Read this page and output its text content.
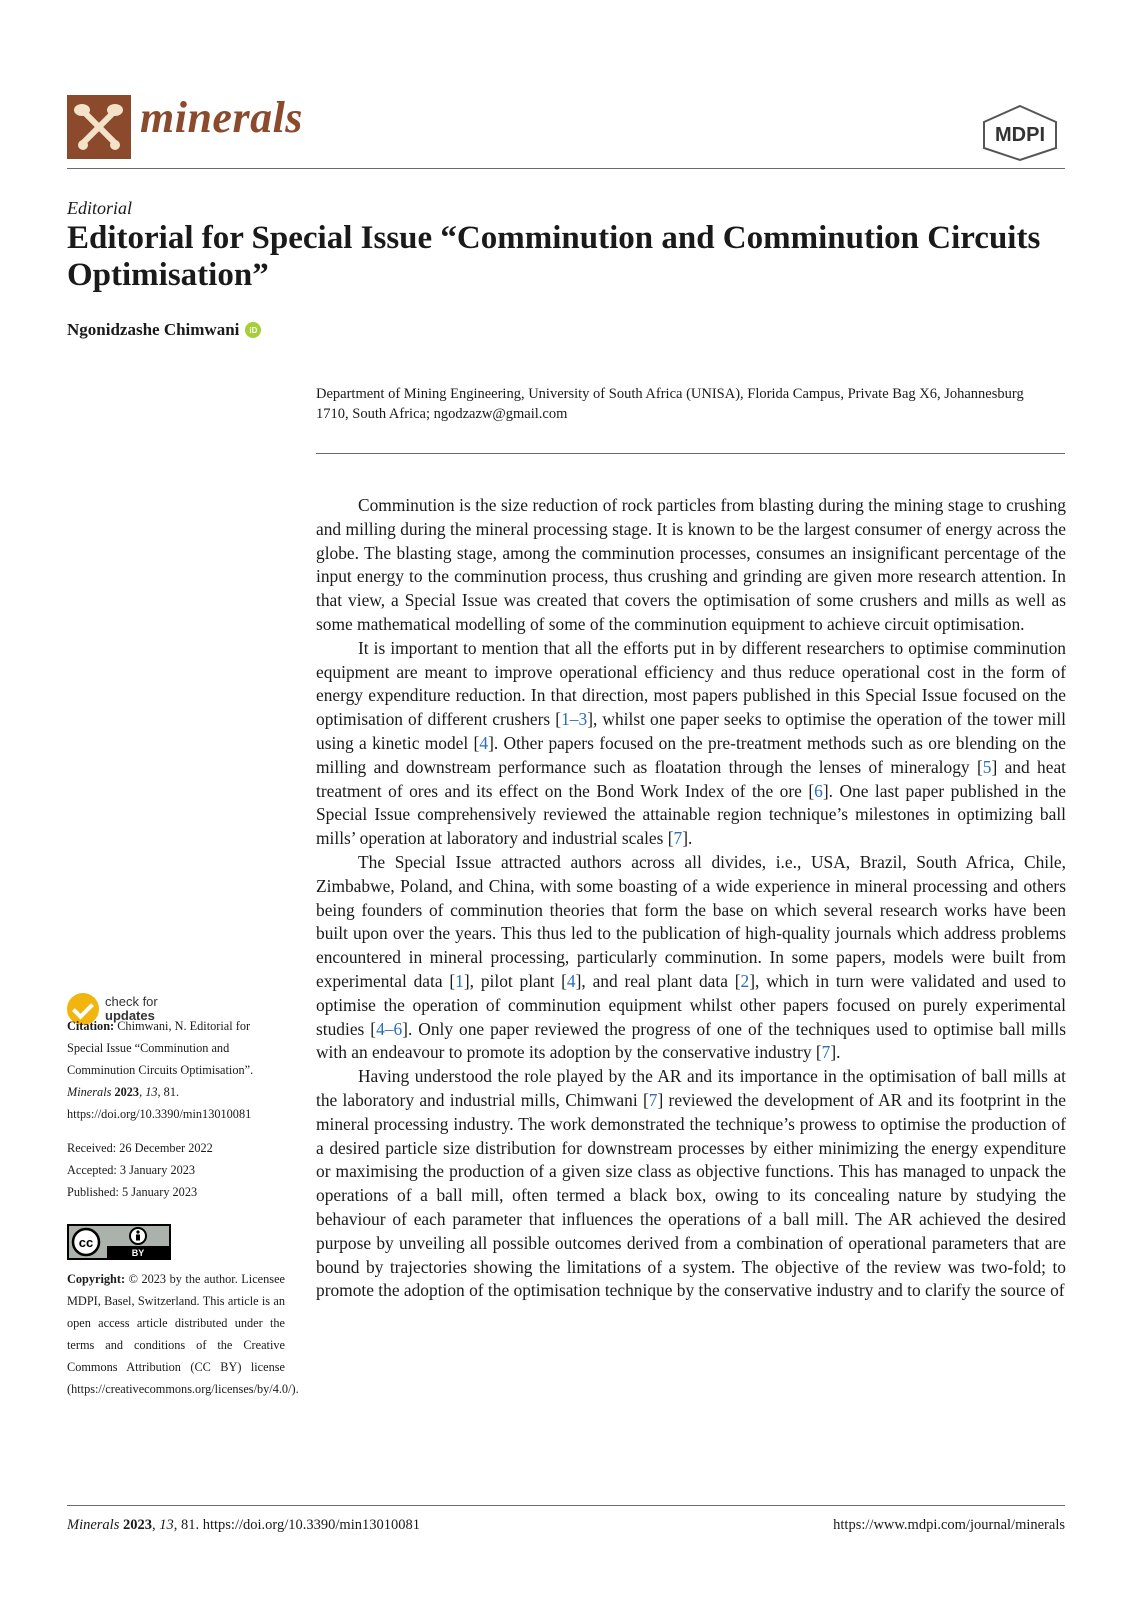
minerals	MDPI
Editorial
Editorial for Special Issue “Comminution and Comminution Circuits Optimisation”
Ngonidzashe Chimwani	iD
Department of Mining Engineering, University of South Africa (UNISA), Florida Campus, Private Bag X6, Johannesburg 1710, South Africa; ngodzazw@gmail.com

Comminution is the size reduction of rock particles from blasting during the mining stage to crushing and milling during the mineral processing stage. It is known to be the largest consumer of energy across the globe. The blasting stage, among the comminution processes, consumes an insignificant percentage of the input energy to the comminution process, thus crushing and grinding are given more research attention. In that view, a Special Issue was created that covers the optimisation of some crushers and mills as well as some mathematical modelling of some of the comminution equipment to achieve circuit optimisation.

It is important to mention that all the efforts put in by different researchers to optimise comminution equipment are meant to improve operational efficiency and thus reduce operational cost in the form of energy expenditure reduction. In that direction, most papers published in this Special Issue focused on the optimisation of different crushers [1–3], whilst one paper seeks to optimise the operation of the tower mill using a kinetic model [4]. Other papers focused on the pre-treatment methods such as ore blending on the milling and downstream performance such as floatation through the lenses of mineralogy [5] and heat treatment of ores and its effect on the Bond Work Index of the ore [6]. One last paper published in the Special Issue comprehensively reviewed the attainable region technique’s milestones in optimizing ball mills’ operation at laboratory and industrial scales [7].

The Special Issue attracted authors across all divides, i.e., USA, Brazil, South Africa, Chile, Zimbabwe, Poland, and China, with some boasting of a wide experience in mineral processing and others being founders of comminution theories that form the base on which several research works have been built upon over the years. This thus led to the publication of high-quality journals which address problems encountered in mineral processing, particularly comminution. In some papers, models were built from experimental data [1], pilot plant [4], and real plant data [2], which in turn were validated and used to optimise the operation of comminution equipment whilst other papers focused on purely experimental studies [4–6]. Only one paper reviewed the progress of one of the techniques used to optimise ball mills with an endeavour to promote its adoption by the conservative industry [7].

Having understood the role played by the AR and its importance in the optimisation of ball mills at the laboratory and industrial mills, Chimwani [7] reviewed the development of AR and its footprint in the mineral processing industry. The work demonstrated the technique’s prowess to optimise the production of a desired particle size distribution for downstream processes by either minimizing the energy expenditure or maximising the production of a given size class as objective functions. This has managed to unpack the operations of a ball mill, often termed a black box, owing to its concealing nature by studying the behaviour of each parameter that influences the operations of a ball mill. The AR achieved the desired purpose by unveiling all possible outcomes derived from a combination of operational parameters that are bound by trajectories showing the limitations of a system. The objective of the review was two-fold; to promote the adoption of the optimisation technique by the conservative industry and to clarify the source of

check for
updates
Citation: Chimwani, N. Editorial for Special Issue “Comminution and Comminution Circuits Optimisation”. Minerals 2023, 13, 81. https://doi.org/10.3390/min13010081
Received: 26 December 2022
Accepted: 3 January 2023
Published: 5 January 2023
cc
BY
Copyright: © 2023 by the author. Licensee MDPI, Basel, Switzerland. This article is an open access article distributed under the terms and conditions of the Creative Commons Attribution (CC BY) license (https://creativecommons.org/licenses/by/4.0/).
Minerals 2023, 13, 81. https://doi.org/10.3390/min13010081	https://www.mdpi.com/journal/minerals
